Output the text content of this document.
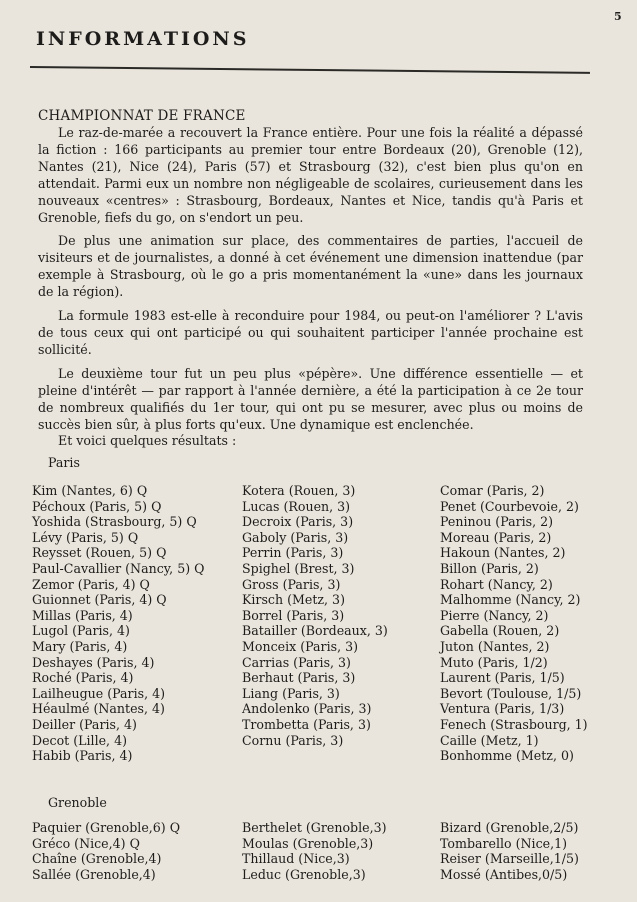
5
INFORMATIONS
CHAMPIONNAT DE FRANCE

Le raz-de-marée a recouvert la France entière. Pour une fois la réalité a dépassé la fiction : 166 participants au premier tour entre Bordeaux (20), Grenoble (12), Nantes (21), Nice (24), Paris (57) et Strasbourg (32), c'est bien plus qu'on en attendait. Parmi eux un nombre non négligeable de scolaires, curieusement dans les nouveaux «centres» : Strasbourg, Bordeaux, Nantes et Nice, tandis qu'à Paris et Grenoble, fiefs du go, on s'endort un peu.

De plus une animation sur place, des commentaires de parties, l'accueil de visiteurs et de journalistes, a donné à cet événement une dimension inattendue (par exemple à Strasbourg, où le go a pris momentanément la «une» dans les journaux de la région).

La formule 1983 est-elle à reconduire pour 1984, ou peut-on l'améliorer ? L'avis de tous ceux qui ont participé ou qui souhaitent participer l'année prochaine est sollicité.

Le deuxième tour fut un peu plus «pépère». Une différence essentielle — et pleine d'intérêt — par rapport à l'année dernière, a été la participation à ce 2e tour de nombreux qualifiés du 1er tour, qui ont pu se mesurer, avec plus ou moins de succès bien sûr, à plus forts qu'eux. Une dynamique est enclenchée.

Et voici quelques résultats :

Paris
Kim (Nantes, 6) Q
Péchoux (Paris, 5) Q
Yoshida (Strasbourg, 5) Q
Lévy (Paris, 5) Q
Reysset (Rouen, 5) Q
Paul-Cavallier (Nancy, 5) Q
Zemor (Paris, 4) Q
Guionnet (Paris, 4) Q
Millas (Paris, 4)
Lugol (Paris, 4)
Mary (Paris, 4)
Deshayes (Paris, 4)
Roché (Paris, 4)
Lailheugue (Paris, 4)
Héaulmé (Nantes, 4)
Deiller (Paris, 4)
Decot (Lille, 4)
Habib (Paris, 4)
Kotera (Rouen, 3)
Lucas (Rouen, 3)
Decroix (Paris, 3)
Gaboly (Paris, 3)
Perrin (Paris, 3)
Spighel (Brest, 3)
Gross (Paris, 3)
Kirsch (Metz, 3)
Borrel (Paris, 3)
Batailler (Bordeaux, 3)
Monceix (Paris, 3)
Carrias (Paris, 3)
Berhaut (Paris, 3)
Liang (Paris, 3)
Andolenko (Paris, 3)
Trombetta (Paris, 3)
Cornu (Paris, 3)
Comar (Paris, 2)
Penet (Courbevoie, 2)
Peninou (Paris, 2)
Moreau (Paris, 2)
Hakoun (Nantes, 2)
Billon (Paris, 2)
Rohart (Nancy, 2)
Malhomme (Nancy, 2)
Pierre (Nancy, 2)
Gabella (Rouen, 2)
Juton (Nantes, 2)
Muto (Paris, 1/2)
Laurent (Paris, 1/5)
Bevort (Toulouse, 1/5)
Ventura (Paris, 1/3)
Fenech (Strasbourg, 1)
Caille (Metz, 1)
Bonhomme (Metz, 0)
Grenoble
Paquier (Grenoble,6) Q
Gréco (Nice,4) Q
Chaîne (Grenoble,4)
Sallée (Grenoble,4)
Berthelet (Grenoble,3)
Moulas (Grenoble,3)
Thillaud (Nice,3)
Leduc (Grenoble,3)
Bizard (Grenoble,2/5)
Tombarello (Nice,1)
Reiser (Marseille,1/5)
Mossé (Antibes,0/5)
